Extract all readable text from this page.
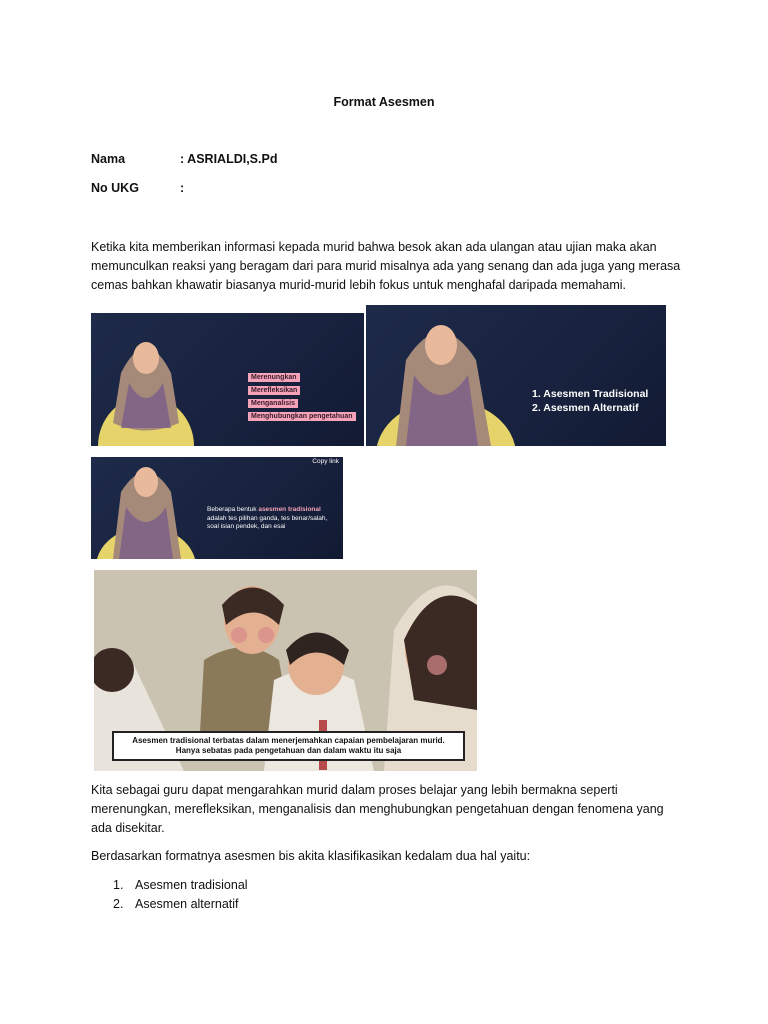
Format Asesmen
Nama	: ASRIALDI,S.Pd
No UKG	:
Ketika kita memberikan informasi kepada murid bahwa besok akan ada ulangan atau ujian maka akan memunculkan reaksi yang beragam dari para murid misalnya ada yang senang dan ada juga yang merasa cemas bahkan khawatir biasanya murid-murid lebih fokus untuk menghafal daripada memahami.
Merenungkan
Merefleksikan
Menganalisis
Menghubungkan pengetahuan
1. Asesmen Tradisional
2. Asesmen Alternatif
Copy link
Beberapa bentuk asesmen tradisional adalah tes pilihan ganda, tes benar/salah, soal isian pendek, dan esai
Asesmen tradisional terbatas dalam menerjemahkan capaian pembelajaran murid.
Hanya sebatas pada pengetahuan dan dalam waktu itu saja
Kita sebagai guru dapat mengarahkan murid dalam proses belajar yang lebih bermakna seperti merenungkan, merefleksikan, menganalisis dan menghubungkan pengetahuan dengan fenomena yang ada disekitar.
Berdasarkan formatnya asesmen bis akita klasifikasikan kedalam dua hal yaitu:
1. Asesmen tradisional
2. Asesmen alternatif
